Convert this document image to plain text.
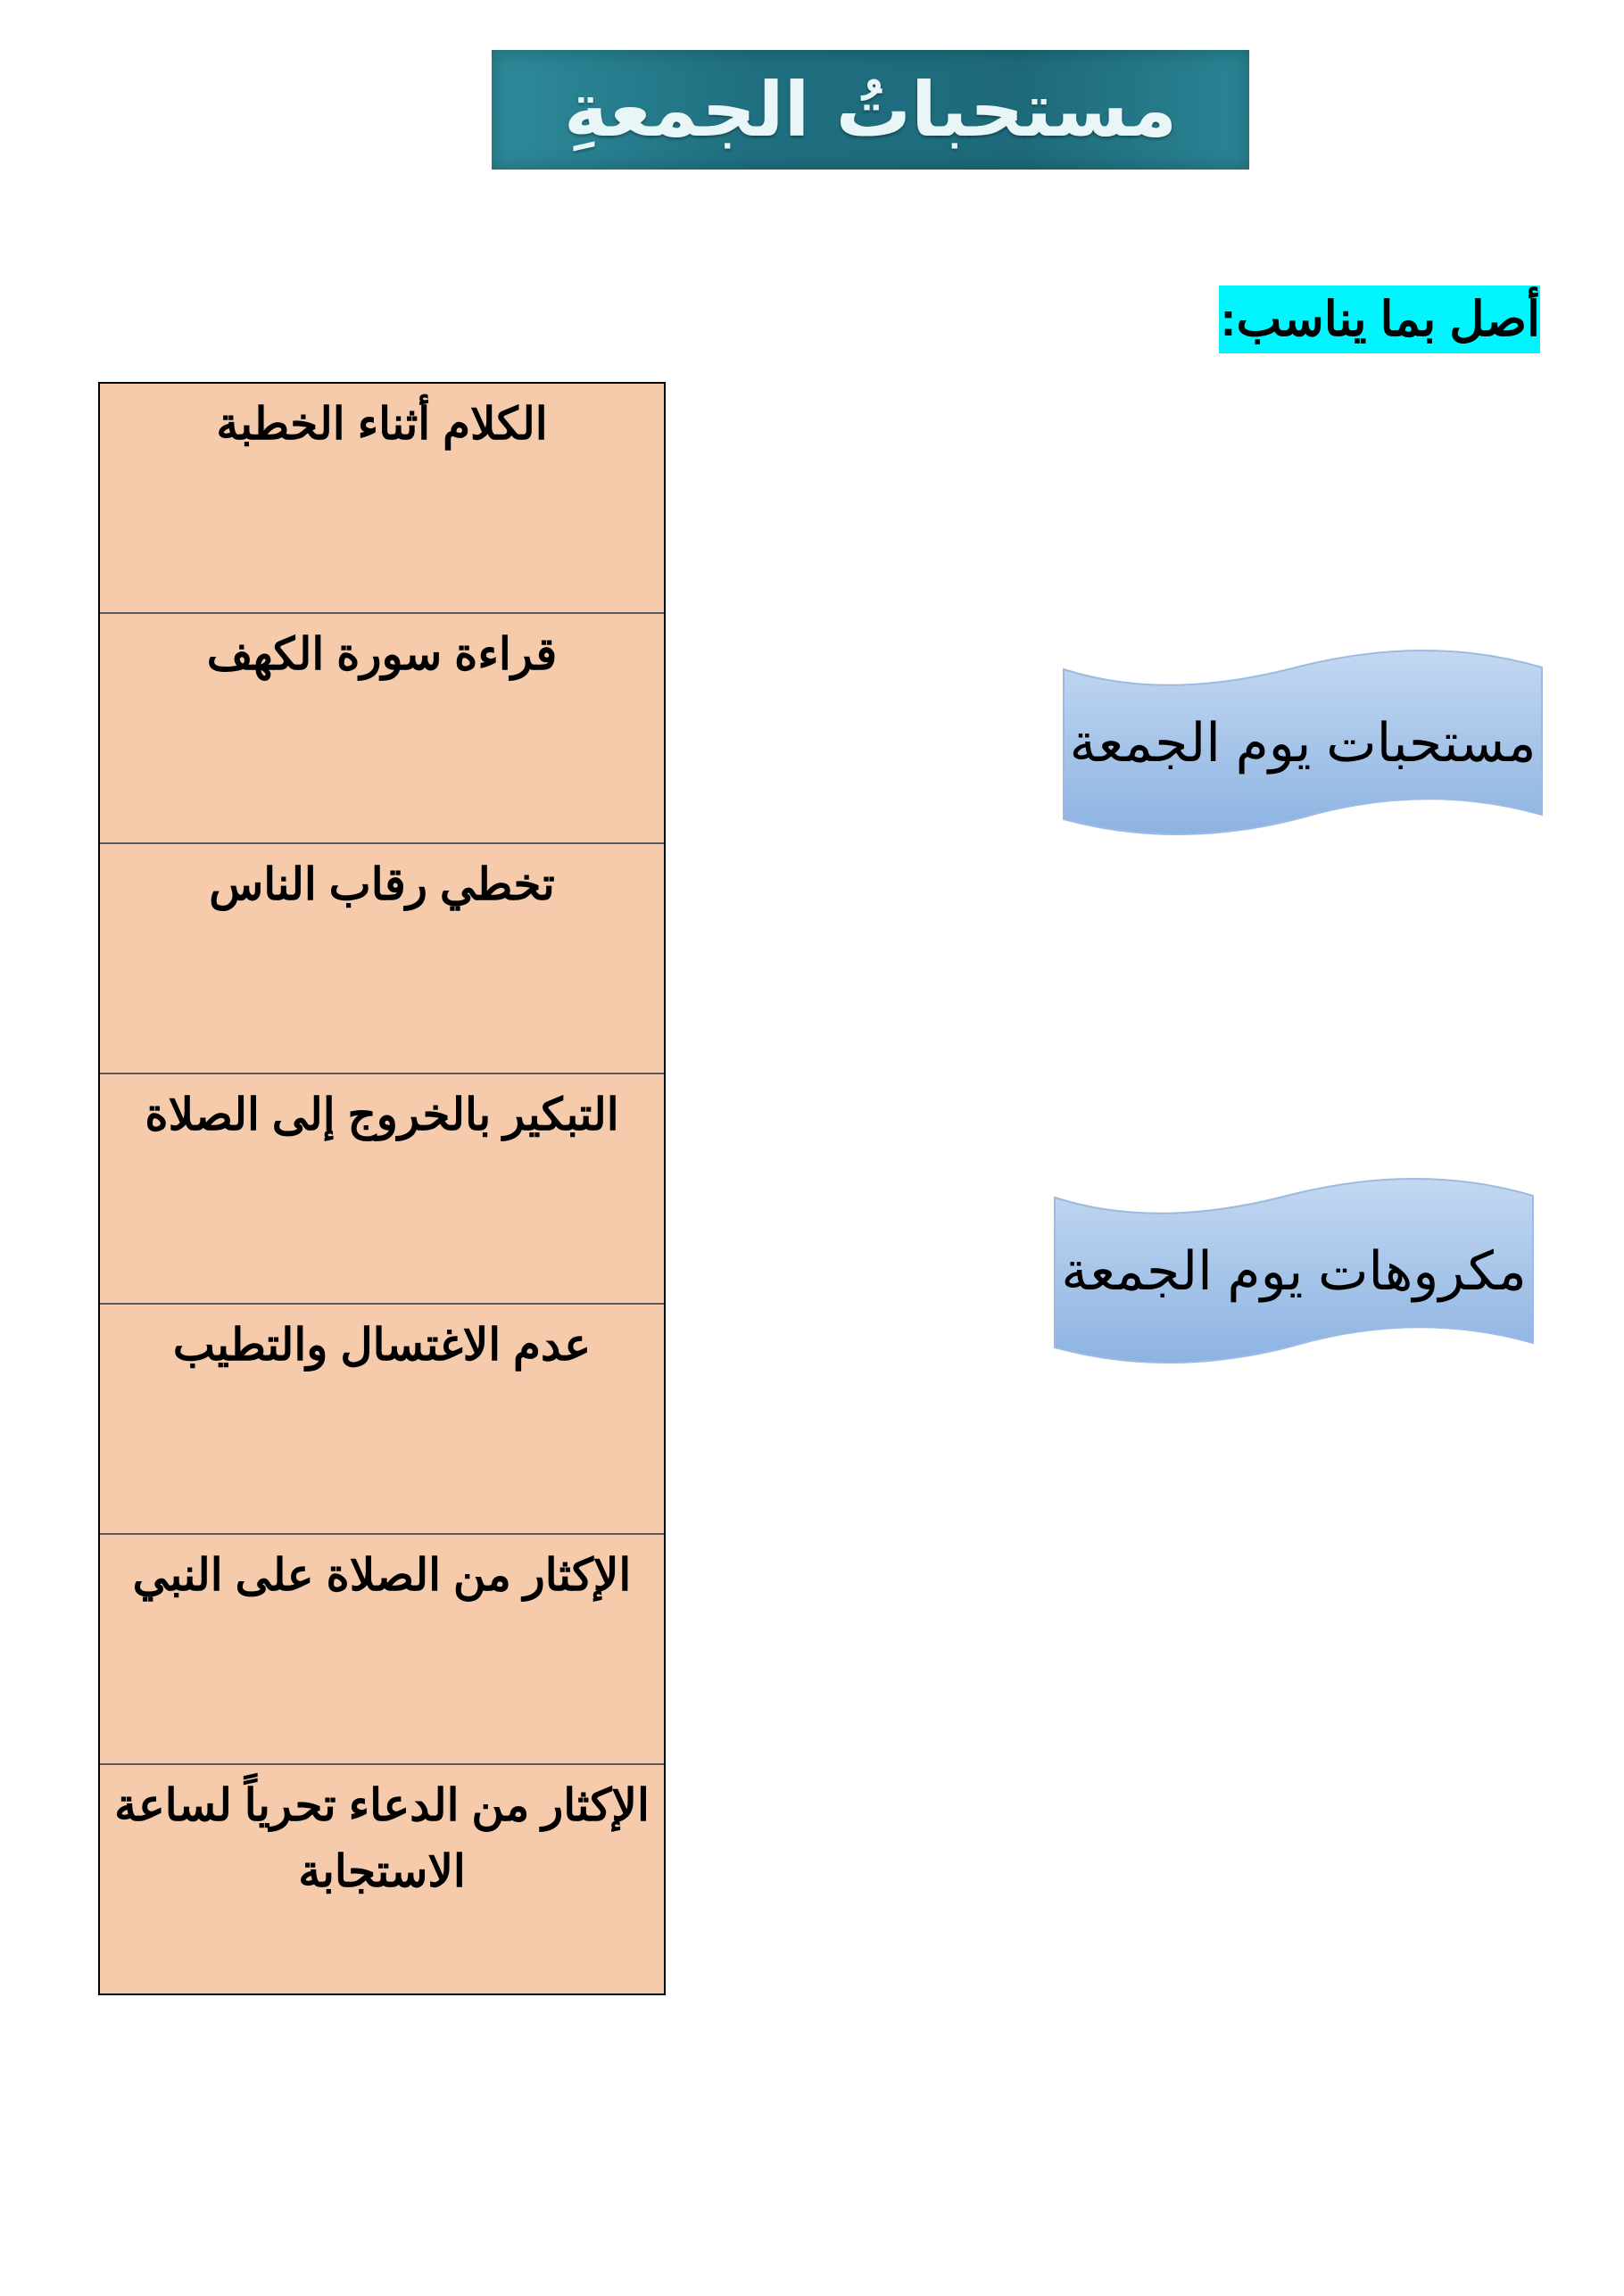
مستحباتُ الجمعةِ
أصل بما يناسب:
الكلام أثناء الخطبة
قراءة سورة الكهف
تخطي رقاب الناس
التبكير بالخروج إلى الصلاة
عدم الاغتسال والتطيب
الإكثار من الصلاة على النبي
الإكثار من الدعاء تحرياً لساعة الاستجابة
مستحبات يوم الجمعة
مكروهات يوم الجمعة
